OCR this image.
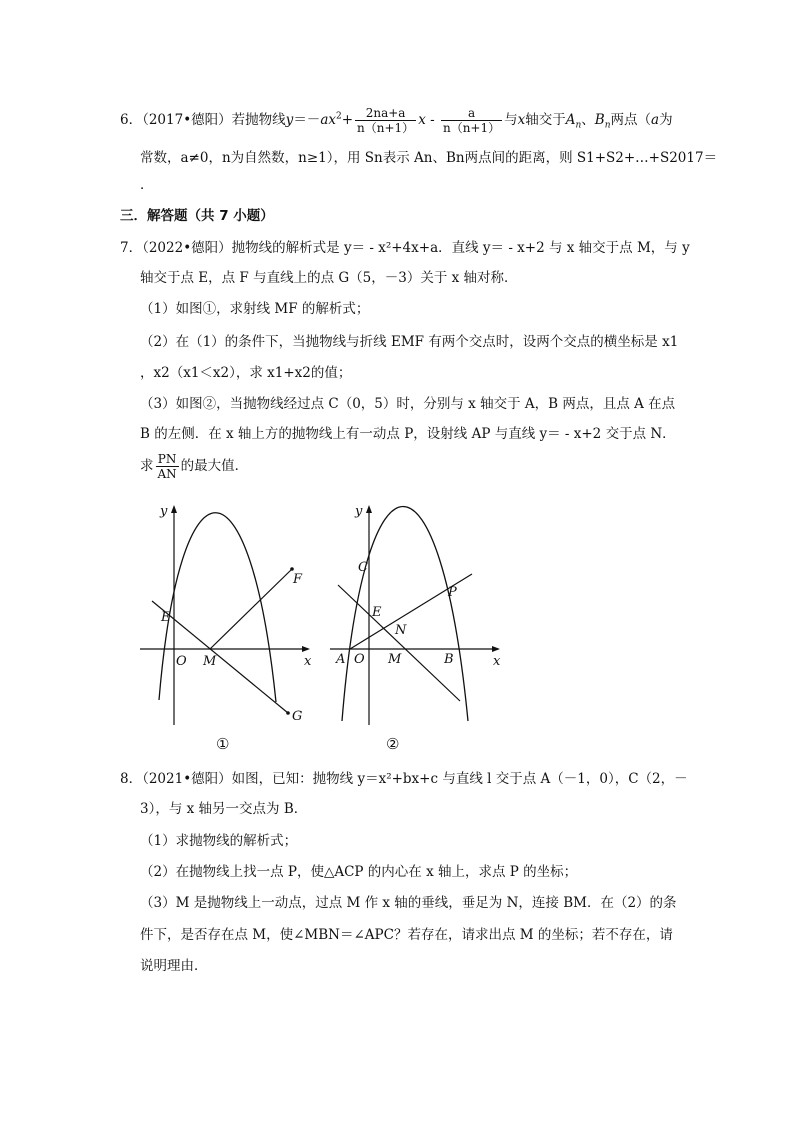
6．（2017•德阳）若抛物线$y=-ax^2+ \frac{2na+a}{n(n+1)}$ x - $\frac{a}{n(n+1)}$ 与x轴交于$A_n$、$B_n$两点（a为
常数，a≠0，n为自然数，n≥1），用 Sn表示 An、Bn两点间的距离，则 S1+S2+…+S2017＝
．
三．解答题（共 7 小题）
7．（2022•德阳）抛物线的解析式是 y＝ - x²+4x+a．直线 y＝ - x+2 与 x 轴交于点 M，与 y
轴交于点 E，点 F 与直线上的点 G（5，－3）关于 x 轴对称．
（1）如图①，求射线 MF 的解析式；
（2）在（1）的条件下，当抛物线与折线 EMF 有两个交点时，设两个交点的横坐标是 x1
，x2（x1＜x2），求 x1+x2的值；
（3）如图②，当抛物线经过点 C（0，5）时，分别与 x 轴交于 A，B 两点，且点 A 在点
B 的左侧．在 x 轴上方的抛物线上有一动点 P，设射线 AP 与直线 y＝ - x+2 交于点 N．
求 $\frac{PN}{AN}$ 的最大值．
y
x
O M
E
F
G
①
y
x
A O M	B
C
E
N
P
②
8．（2021•德阳）如图，已知：抛物线 y＝x²+bx+c 与直线 l 交于点 A（－1，0），C（2，－
3），与 x 轴另一交点为 B．
（1）求抛物线的解析式；
（2）在抛物线上找一点 P，使△ACP 的内心在 x 轴上，求点 P 的坐标；
（3）M 是抛物线上一动点，过点 M 作 x 轴的垂线，垂足为 N，连接 BM．在（2）的条
件下，是否存在点 M，使∠MBN＝∠APC？若存在，请求出点 M 的坐标；若不存在，请
说明理由．
